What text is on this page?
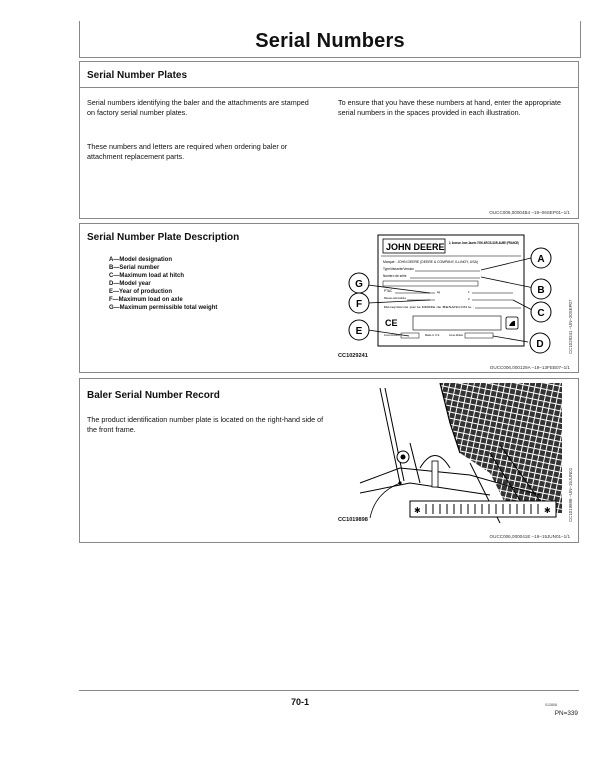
Serial Numbers
Serial Number Plates
Serial numbers identifying the baler and the attachments are stamped on factory serial number plates.
These numbers and letters are required when ordering baler or attachment replacement parts.
To ensure that you have these numbers at hand, enter the appropriate serial numbers in the spaces provided in each illustration.
OUCC006,00004B4 –19–06SEP01–1/1
Serial Number Plate Description
A—Model designation
B—Serial number
C—Maximum load at hitch
D—Model year
E—Year of production
F—Maximum load on axle
G—Maximum permissible total weight
JOHN DEERE 2, Avenue Jean Jaurès 7000 ARCIS-SUR-AUBE (FRANCE)
Marque : JOHN DEERE (DEERE & COMPANY, ILLINOY, USA)
Type/Variante/Version
Numéro de série
PTAC	kg	1
Masses admissibles	2
Réceptionné par la DRIRE de BESANCON le :
CE
Année fabrication	Made in U.S.	Année Modèle
A
B
C
D
E
F
G
CC1029241
CC1029241 –UN–20SEP07
OUCC006,000129A –19–13FEB07–1/1
Baler Serial Number Record
The product identification number plate is located on the right-hand side of the front frame.
✱	✱
CC1019898	CC1019898 –UN–15JUN01
OUCC006,000041E –19–15JUN01–1/1
70-1	012806
PN=339
